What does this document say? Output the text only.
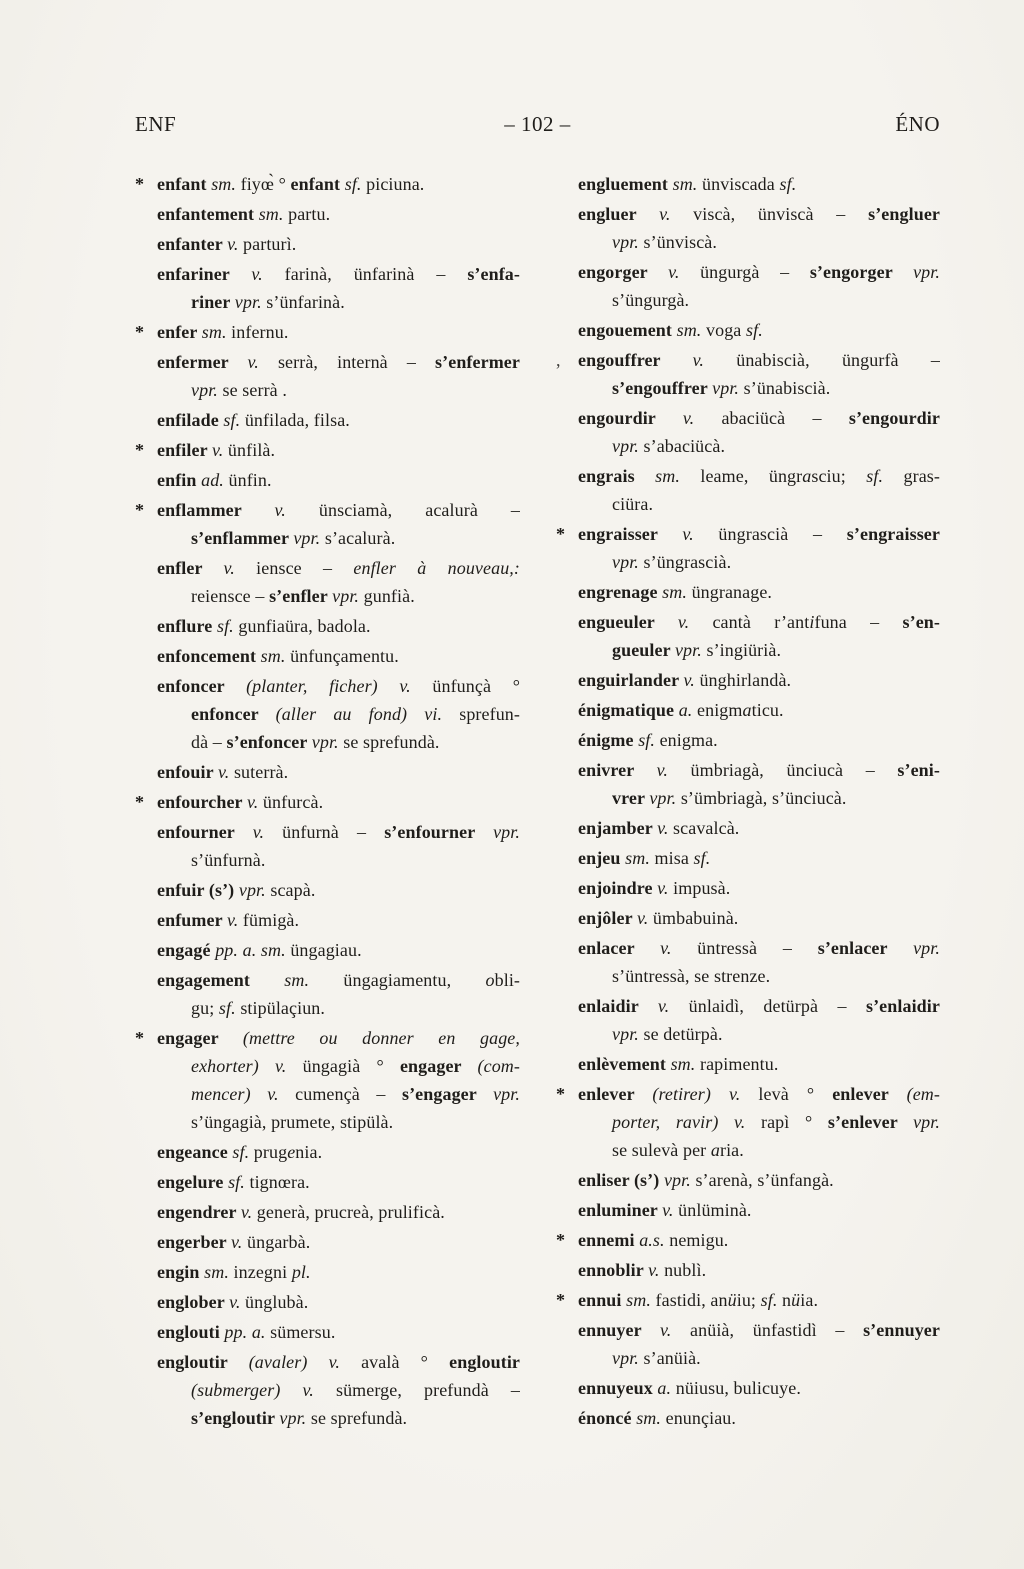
ENF	– 102 –	ÉNO
* enfant sm. fiyœ̀ ° enfant sf. piciuna.
enfantement sm. partu.
enfanter v. parturì.
enfariner v. farinà, ünfarinà – s’enfa-
riner vpr. s’ünfarinà.
* enfer sm. infernu.
enfermer v. serrà, internà – s’enfermer
vpr. se serrà .
enfilade sf. ünfilada, filsa.
* enfiler v. ünfilà.
enfin ad. ünfin.
* enflammer v. ünsciamà, acalurà –
s’enflammer vpr. s’acalurà.
enfler v. iensce – enfler à nouveau,:
reiensce – s’enfler vpr. gunfià.
enflure sf. gunfiaüra, badola.
enfoncement sm. ünfunçamentu.
enfoncer (planter, ficher) v. ünfunçà °
enfoncer (aller au fond) vi. sprefun-
dà – s’enfoncer vpr. se sprefundà.
enfouir v. suterrà.
* enfourcher v. ünfurcà.
enfourner v. ünfurnà – s’enfourner vpr.
s’ünfurnà.
enfuir (s’) vpr. scapà.
enfumer v. fümigà.
engagé pp. a. sm. üngagiau.
engagement sm. üngagiamentu, obli-
gu; sf. stipülaçiun.
* engager (mettre ou donner en gage,
exhorter) v. üngagià ° engager (com-
mencer) v. cumençà – s’engager vpr.
s’üngagià, prumete, stipülà.
engeance sf. prugenia.
engelure sf. tignœra.
engendrer v. generà, prucreà, prulificà.
engerber v. üngarbà.
engin sm. inzegni pl.
englober v. ünglubà.
englouti pp. a. sümersu.
engloutir (avaler) v. avalà ° engloutir
(submerger) v. sümerge, prefundà –
s’engloutir vpr. se sprefundà.
engluement sm. ünviscada sf.
engluer v. viscà, ünviscà – s’engluer
vpr. s’ünviscà.
engorger v. üngurgà – s’engorger vpr.
s’üngurgà.
engouement sm. voga sf.
, engouffrer v. ünabiscià, üngurfà –
s’engouffrer vpr. s’ünabiscià.
engourdir v. abaciücà – s’engourdir
vpr. s’abaciücà.
engrais sm. leame, üngrasciu; sf. gras-
ciüra.
* engraisser v. üngrascià – s’engraisser
vpr. s’üngrascià.
engrenage sm. üngranage.
engueuler v. cantà r’antifuna – s’en-
gueuler vpr. s’ingiürià.
enguirlander v. ünghirlandà.
énigmatique a. enigmaticu.
énigme sf. enigma.
enivrer v. ümbriagà, ünciucà – s’eni-
vrer vpr. s’ümbriagà, s’ünciucà.
enjamber v. scavalcà.
enjeu sm. misa sf.
enjoindre v. impusà.
enjôler v. ümbabuinà.
enlacer v. üntressà – s’enlacer vpr.
s’üntressà, se strenze.
enlaidir v. ünlaidì, detürpà – s’enlaidir
vpr. se detürpà.
enlèvement sm. rapimentu.
* enlever (retirer) v. levà ° enlever (em-
porter, ravir) v. rapì ° s’enlever vpr.
se sulevà per aria.
enliser (s’) vpr. s’arenà, s’ünfangà.
enluminer v. ünlüminà.
* ennemi a.s. nemigu.
ennoblir v. nublì.
* ennui sm. fastidi, anüiu; sf. nüia.
ennuyer v. anüià, ünfastidì – s’ennuyer
vpr. s’anüià.
ennuyeux a. nüiusu, bulicuye.
énoncé sm. enunçiau.
